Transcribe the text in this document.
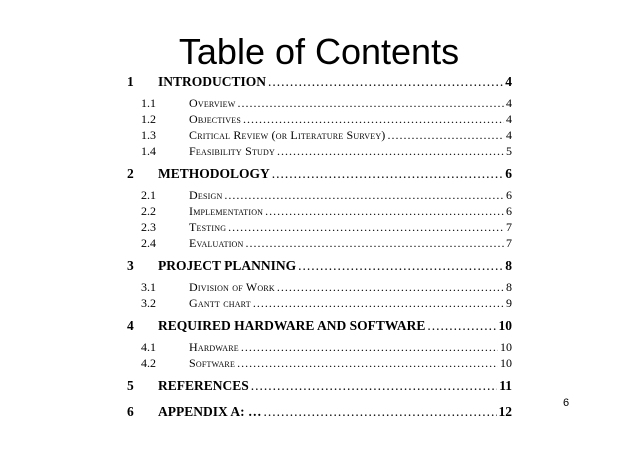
Table of Contents
1	INTRODUCTION .....	4
1.1	Overview .....	4
1.2	Objectives .....	4
1.3	Critical Review (or Literature Survey) .....	4
1.4	Feasibility Study .....	5
2	METHODOLOGY .....	6
2.1	Design .....	6
2.2	Implementation .....	6
2.3	Testing .....	7
2.4	Evaluation .....	7
3	PROJECT PLANNING .....	8
3.1	Division of Work .....	8
3.2	Gantt chart .....	9
4	REQUIRED HARDWARE AND SOFTWARE .....	10
4.1	Hardware .....	10
4.2	Software .....	10
5	REFERENCES .....	11
6	APPENDIX A: … .....	12
6
